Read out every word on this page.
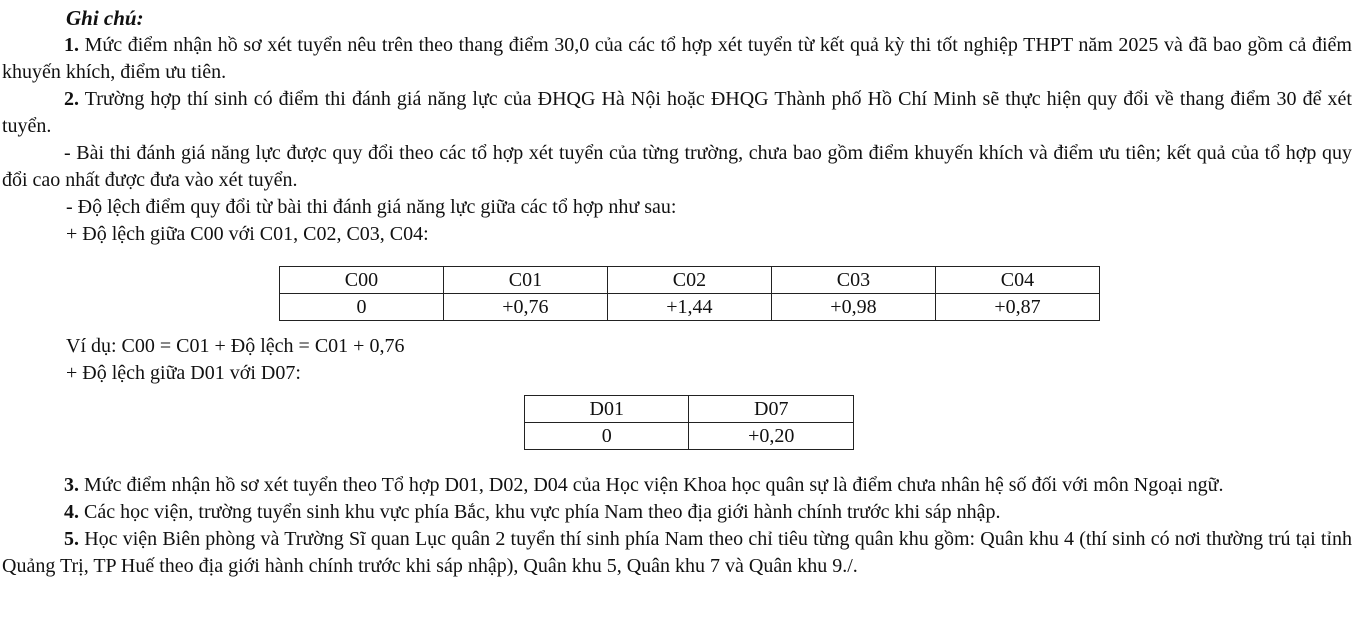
Ghi chú:

1. Mức điểm nhận hồ sơ xét tuyển nêu trên theo thang điểm 30,0 của các tổ hợp xét tuyển từ kết quả kỳ thi tốt nghiệp THPT năm 2025 và đã bao gồm cả điểm khuyến khích, điểm ưu tiên.

2. Trường hợp thí sinh có điểm thi đánh giá năng lực của ĐHQG Hà Nội hoặc ĐHQG Thành phố Hồ Chí Minh sẽ thực hiện quy đổi về thang điểm 30 để xét tuyển.

- Bài thi đánh giá năng lực được quy đổi theo các tổ hợp xét tuyển của từng trường, chưa bao gồm điểm khuyến khích và điểm ưu tiên; kết quả của tổ hợp quy đổi cao nhất được đưa vào xét tuyển.

- Độ lệch điểm quy đổi từ bài thi đánh giá năng lực giữa các tổ hợp như sau:

+ Độ lệch giữa C00 với C01, C02, C03, C04:

C00	C01	C02	C03	C04
0	+0,76	+1,44	+0,98	+0,87

Ví dụ: C00 = C01 + Độ lệch = C01 + 0,76

+ Độ lệch giữa D01 với D07:

D01	D07
0	+0,20

3. Mức điểm nhận hồ sơ xét tuyển theo Tổ hợp D01, D02, D04 của Học viện Khoa học quân sự là điểm chưa nhân hệ số đối với môn Ngoại ngữ.

4. Các học viện, trường tuyển sinh khu vực phía Bắc, khu vực phía Nam theo địa giới hành chính trước khi sáp nhập.

5. Học viện Biên phòng và Trường Sĩ quan Lục quân 2 tuyển thí sinh phía Nam theo chỉ tiêu từng quân khu gồm: Quân khu 4 (thí sinh có nơi thường trú tại tỉnh Quảng Trị, TP Huế theo địa giới hành chính trước khi sáp nhập), Quân khu 5, Quân khu 7 và Quân khu 9./.
